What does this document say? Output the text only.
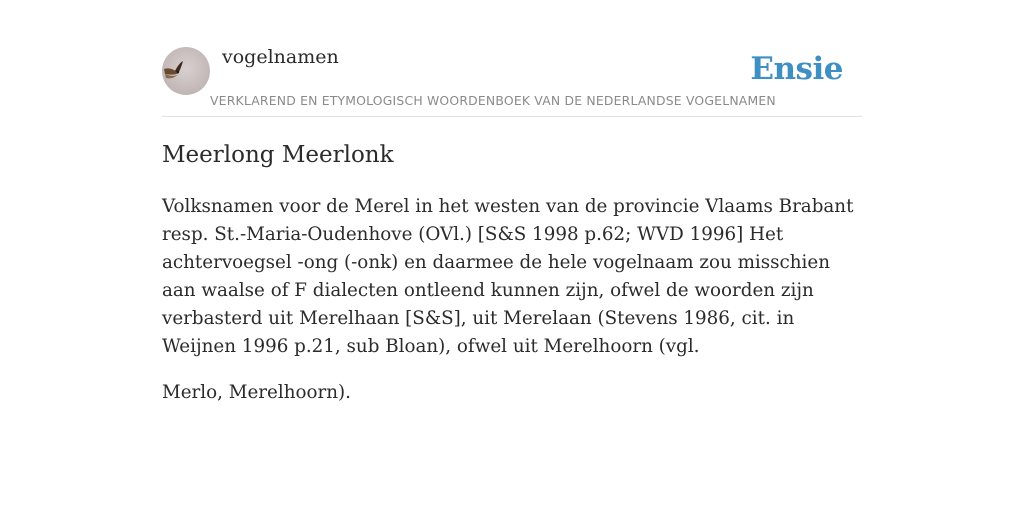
vogelnamen	Ensie
VERKLAREND EN ETYMOLOGISCH WOORDENBOEK VAN DE NEDERLANDSE VOGELNAMEN
Meerlong Meerlonk

Volksnamen voor de Merel in het westen van de provincie Vlaams Brabant resp. St.-Maria-Oudenhove (OVl.) [S&S 1998 p.62; WVD 1996] Het achtervoegsel -ong (-onk) en daarmee de hele vogelnaam zou misschien aan waalse of F dialecten ontleend kunnen zijn, ofwel de woorden zijn verbasterd uit Merelhaan [S&S], uit Merelaan (Stevens 1986, cit. in Weijnen 1996 p.21, sub Bloan), ofwel uit Merelhoorn (vgl.

Merlo, Merelhoorn).
